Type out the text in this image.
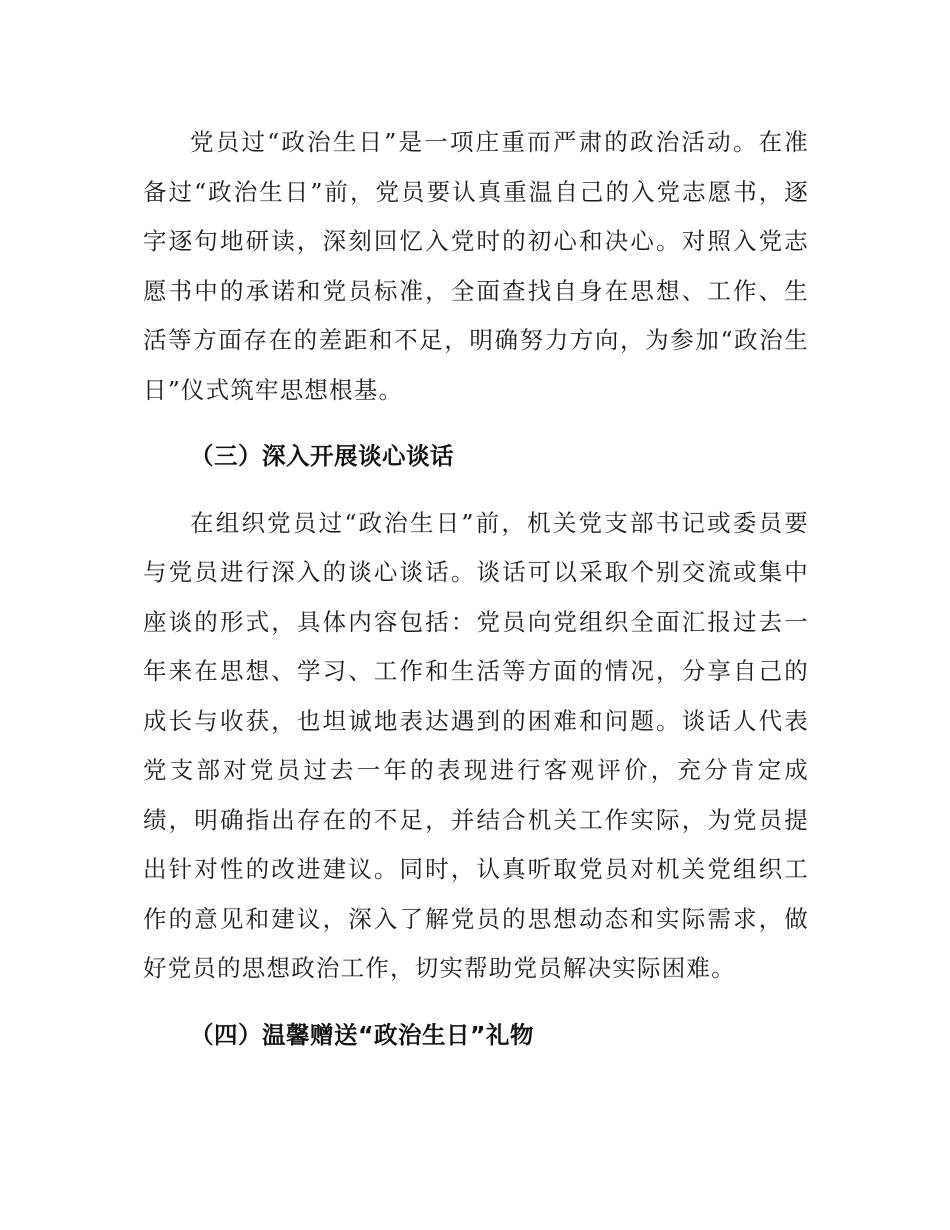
党员过“政治生日”是一项庄重而严肃的政治活动。在准备过“政治生日”前，党员要认真重温自己的入党志愿书，逐字逐句地研读，深刻回忆入党时的初心和决心。对照入党志愿书中的承诺和党员标准，全面查找自身在思想、工作、生活等方面存在的差距和不足，明确努力方向，为参加“政治生日”仪式筑牢思想根基。

（三）深入开展谈心谈话

在组织党员过“政治生日”前，机关党支部书记或委员要与党员进行深入的谈心谈话。谈话可以采取个别交流或集中座谈的形式，具体内容包括：党员向党组织全面汇报过去一年来在思想、学习、工作和生活等方面的情况，分享自己的成长与收获，也坦诚地表达遇到的困难和问题。谈话人代表党支部对党员过去一年的表现进行客观评价，充分肯定成绩，明确指出存在的不足，并结合机关工作实际，为党员提出针对性的改进建议。同时，认真听取党员对机关党组织工作的意见和建议，深入了解党员的思想动态和实际需求，做好党员的思想政治工作，切实帮助党员解决实际困难。

（四）温馨赠送“政治生日”礼物
